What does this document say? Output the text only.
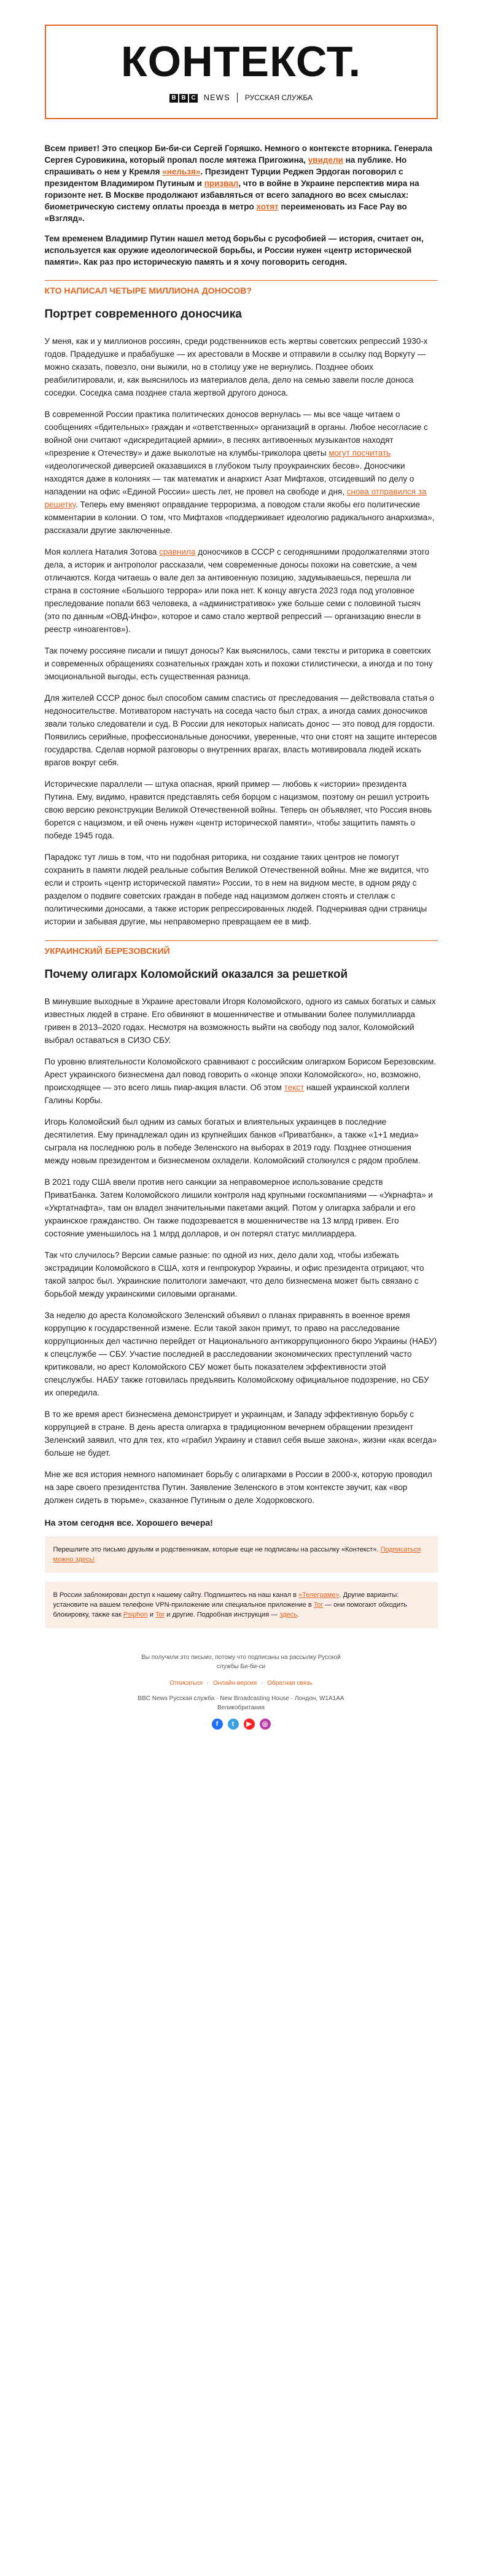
КОНТЕКСТ.
B B C NEWS РУССКАЯ СЛУЖБА

Всем привет! Это спецкор Би-би-си Сергей Горяшко. Немного о контексте вторника. Генерала Сергея Суровикина, который пропал после мятежа Пригожина, увидели на публике. Но спрашивать о нем у Кремля «нельзя». Президент Турции Реджеп Эрдоган поговорил с президентом Владимиром Путиным и призвал, что в войне в Украине перспектив мира на горизонте нет. В Москве продолжают избавляться от всего западного во всех смыслах: биометрическую систему оплаты проезда в метро хотят переименовать из Face Pay во «Взгляд».

Тем временем Владимир Путин нашел метод борьбы с русофобией — история, считает он, используется как оружие идеологической борьбы, и России нужен «центр исторической памяти». Как раз про историческую память и я хочу поговорить сегодня.

КТО НАПИСАЛ ЧЕТЫРЕ МИЛЛИОНА ДОНОСОВ?
Портрет современного доносчика

У меня, как и у миллионов россиян, среди родственников есть жертвы советских репрессий 1930-х годов. Прадедушке и прабабушке — их арестовали в Москве и отправили в ссылку под Воркуту — можно сказать, повезло, они выжили, но в столицу уже не вернулись. Позднее обоих реабилитировали, и, как выяснилось из материалов дела, дело на семью завели после доноса соседки. Соседка сама позднее стала жертвой другого доноса.

В современной России практика политических доносов вернулась — мы все чаще читаем о сообщениях «бдительных» граждан и «ответственных» организаций в органы. Любое несогласие с войной они считают «дискредитацией армии», в песнях антивоенных музыкантов находят «презрение к Отечеству» и даже выколотые на клумбы-триколора цветы могут посчитать «идеологической диверсией оказавшихся в глубоком тылу проукраинских бесов». Доносчики находятся даже в колониях — так математик и анархист Азат Мифтахов, отсидевший по делу о нападении на офис «Единой России» шесть лет, не провел на свободе и дня, снова отправился за решетку. Теперь ему вменяют оправдание терроризма, а поводом стали якобы его политические комментарии в колонии. О том, что Мифтахов «поддерживает идеологию радикального анархизма», рассказали другие заключенные.

Моя коллега Наталия Зотова сравнила доносчиков в СССР с сегодняшними продолжателями этого дела, а историк и антрополог рассказали, чем современные доносы похожи на советские, а чем отличаются. Когда читаешь о вале дел за антивоенную позицию, задумываешься, перешла ли страна в состояние «Большого террора» или пока нет. К концу августа 2023 года под уголовное преследование попали 663 человека, а «административок» уже больше семи с половиной тысяч (это по данным «ОВД-Инфо», которое и само стало жертвой репрессий — организацию внесли в реестр «иноагентов»).

Так почему россияне писали и пишут доносы? Как выяснилось, сами тексты и риторика в советских и современных обращениях сознательных граждан хоть и похожи стилистически, а иногда и по тону эмоциональной выгоды, есть существенная разница.

Для жителей СССР донос был способом самим спастись от преследования — действовала статья о недоносительстве. Мотиватором настучать на соседа часто был страх, а иногда самих доносчиков звали только следователи и суд. В России для некоторых написать донос — это повод для гордости. Появились серийные, профессиональные доносчики, уверенные, что они стоят на защите интересов государства. Сделав нормой разговоры о внутренних врагах, власть мотивировала людей искать врагов вокруг себя.

Исторические параллели — штука опасная, яркий пример — любовь к «истории» президента Путина. Ему, видимо, нравится представлять себя борцом с нацизмом, поэтому он решил устроить свою версию реконструкции Великой Отечественной войны. Теперь он объявляет, что Россия вновь борется с нацизмом, и ей очень нужен «центр исторической памяти», чтобы защитить память о победе 1945 года.

Парадокс тут лишь в том, что ни подобная риторика, ни создание таких центров не помогут сохранить в памяти людей реальные события Великой Отечественной войны. Мне же видится, что если и строить «центр исторической памяти» России, то в нем на видном месте, в одном ряду с разделом о подвиге советских граждан в победе над нацизмом должен стоять и стеллаж с политическими доносами, а также историк репрессированных людей. Подчеркивая одни страницы истории и забывая другие, мы неправомерно превращаем ее в миф.

УКРАИНСКИЙ БЕРЕЗОВСКИЙ
Почему олигарх Коломойский оказался за решеткой

В минувшие выходные в Украине арестовали Игоря Коломойского, одного из самых богатых и самых известных людей в стране. Его обвиняют в мошенничестве и отмывании более полумиллиарда гривен в 2013–2020 годах. Несмотря на возможность выйти на свободу под залог, Коломойский выбрал оставаться в СИЗО СБУ.

По уровню влиятельности Коломойского сравнивают с российским олигархом Борисом Березовским. Арест украинского бизнесмена дал повод говорить о «конце эпохи Коломойского», но, возможно, происходящее — это всего лишь пиар-акция власти. Об этом текст нашей украинской коллеги Галины Корбы.

Игорь Коломойский был одним из самых богатых и влиятельных украинцев в последние десятилетия. Ему принадлежал один из крупнейших банков «Приватбанк», а также «1+1 медиа» сыграла на последнюю роль в победе Зеленского на выборах в 2019 году. Позднее отношения между новым президентом и бизнесменом охладели. Коломойский столкнулся с рядом проблем.

В 2021 году США ввели против него санкции за неправомерное использование средств ПриватБанка. Затем Коломойского лишили контроля над крупными госкомпаниями — «Укрнафта» и «Укртатнафта», там он владел значительными пакетами акций. Потом у олигарха забрали и его украинское гражданство. Он также подозревается в мошенничестве на 13 млрд гривен. Его состояние уменьшилось на 1 млрд долларов, и он потерял статус миллиардера.

Так что случилось? Версии самые разные: по одной из них, дело дали ход, чтобы избежать экстрадиции Коломойского в США, хотя и генпрокурор Украины, и офис президента отрицают, что такой запрос был. Украинские политологи замечают, что дело бизнесмена может быть связано с борьбой между украинскими силовыми органами.

За неделю до ареста Коломойского Зеленский объявил о планах приравнять в военное время коррупцию к государственной измене. Если такой закон примут, то право на расследование коррупционных дел частично перейдет от Национального антикоррупционного бюро Украины (НАБУ) к спецслужбе — СБУ. Участие последней в расследовании экономических преступлений часто критиковали, но арест Коломойского СБУ может быть показателем эффективности этой спецслужбы. НАБУ также готовилась предъявить Коломойскому официальное подозрение, но СБУ их опередила.

В то же время арест бизнесмена демонстрирует и украинцам, и Западу эффективную борьбу с коррупцией в стране. В день ареста олигарха в традиционном вечернем обращении президент Зеленский заявил, что для тех, кто «грабил Украину и ставил себя выше закона», жизни «как всегда» больше не будет.

Мне же вся история немного напоминает борьбу с олигархами в России в 2000-х, которую проводил на заре своего президентства Путин. Заявление Зеленского в этом контексте звучит, как «вор должен сидеть в тюрьме», сказанное Путиным о деле Ходорковского.

На этом сегодня все. Хорошего вечера!
Перешлите это письмо друзьям и родственникам, которые еще не подписаны на рассылку «Контекст». Подписаться можно здесь!
В России заблокирован доступ к нашему сайту. Подпишитесь на наш канал в «Телеграме». Другие варианты: установите на вашем телефоне VPN-приложение или специальное приложение в Tor — они помогают обходить блокировку, также как Psiphon и Tor и другие. Подробная инструкция — здесь.
Вы получили это письмо, потому что подписаны на рассылку Русской
службы Би-би-си
Отписаться · Онлайн-версия · Обратная связь
BBC News Русская служба · New Broadcasting House · Лондон, W1A1AA
Великобритания
f	t	▶	◎
